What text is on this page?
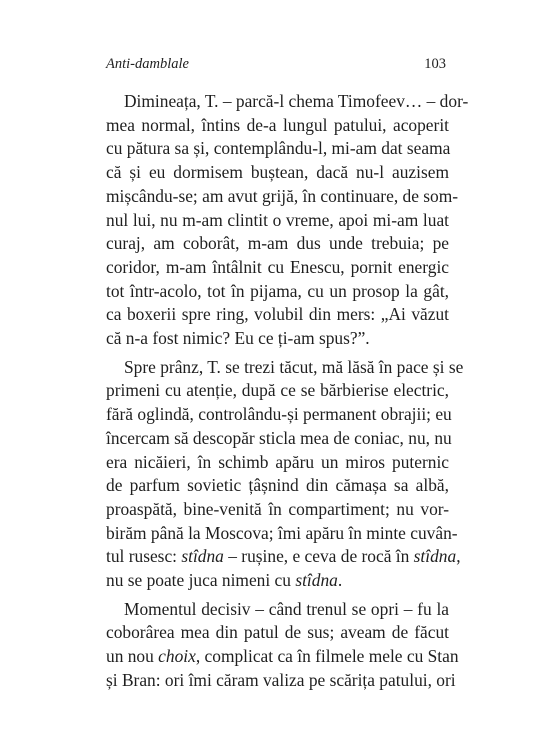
Anti-damblale	103
Dimineața, T. – parcă-l chema Timofeev… – dor-
mea normal, întins de-a lungul patului, acoperit
cu pătura sa și, contemplându-l, mi-am dat seama
că și eu dormisem buștean, dacă nu-l auzisem
mișcându-se; am avut grijă, în continuare, de som-
nul lui, nu m-am clintit o vreme, apoi mi-am luat
curaj, am coborât, m-am dus unde trebuia; pe
coridor, m-am întâlnit cu Enescu, pornit energic
tot într-acolo, tot în pijama, cu un prosop la gât,
ca boxerii spre ring, volubil din mers: „Ai văzut
că n-a fost nimic? Eu ce ți-am spus?”.
Spre prânz, T. se trezi tăcut, mă lăsă în pace și se
primeni cu atenție, după ce se bărbierise electric,
fără oglindă, controlându-și permanent obrajii; eu
încercam să descopăr sticla mea de coniac, nu, nu
era nicăieri, în schimb apăru un miros puternic
de parfum sovietic țâșnind din cămașa sa albă,
proaspătă, bine-venită în compartiment; nu vor-
birăm până la Moscova; îmi apăru în minte cuvân-
tul rusesc: stîdna – rușine, e ceva de rocă în stîdna,
nu se poate juca nimeni cu stîdna.
Momentul decisiv – când trenul se opri – fu la
coborârea mea din patul de sus; aveam de făcut
un nou choix, complicat ca în filmele mele cu Stan
și Bran: ori îmi căram valiza pe scărița patului, ori
